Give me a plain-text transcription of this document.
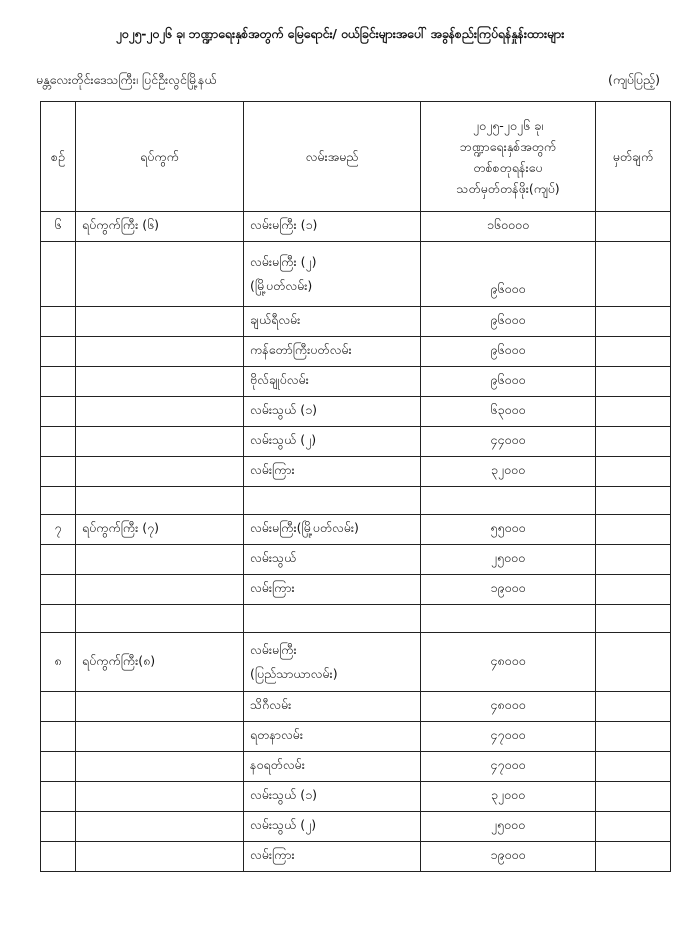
၂၀၂၅-၂၀၂၆ ခု၊ ဘဏ္ဍာရေးနှစ်အတွက် မြေရောင်း/ ဝယ်ခြင်းများအပေါ် အခွန်စည်းကြပ်ရန်နှုန်းထားများ
မန္တလေးတိုင်းဒေသကြီး၊ ပြင်ဦးလွင်မြို့နယ်	(ကျပ်ပြည့်)
စဉ်	ရပ်ကွက်	လမ်းအမည်	၂၀၂၅-၂၀၂၆ ခု၊
ဘဏ္ဍာရေးနှစ်အတွက်
တစ်စတုရန်းပေ
သတ်မှတ်တန်ဖိုး(ကျပ်)	မှတ်ချက်
၆	ရပ်ကွက်ကြီး (၆)	လမ်းမကြီး (၁)	၁၆၀၀၀၀	

		လမ်းမကြီး (၂)
(မြို့ပတ်လမ်း)	၉၆၀၀၀	
		ချယ်ရီလမ်း	၉၆၀၀၀	
		ကန်တော်ကြီးပတ်လမ်း	၉၆၀၀၀	
		ဗိုလ်ချုပ်လမ်း	၉၆၀၀၀	
		လမ်းသွယ် (၁)	၆၃၀၀၀	
		လမ်းသွယ် (၂)	၄၄၀၀၀	
		လမ်းကြား	၃၂၀၀၀	

၇	ရပ်ကွက်ကြီး (၇)	လမ်းမကြီး(မြို့ပတ်လမ်း)	၅၅၀၀၀	
		လမ်းသွယ်	၂၅၀၀၀	
		လမ်းကြား	၁၉၀၀၀	

၈	ရပ်ကွက်ကြီး(၈)	လမ်းမကြီး
(ပြည်သာယာလမ်း)	၄၈၀၀၀	
		သိဂီလမ်း	၄၈၀၀၀	
		ရတနာလမ်း	၄၇၀၀၀	
		နဝရတ်လမ်း	၄၇၀၀၀	
		လမ်းသွယ် (၁)	၃၂၀၀၀	
		လမ်းသွယ် (၂)	၂၅၀၀၀	
		လမ်းကြား	၁၉၀၀၀	
